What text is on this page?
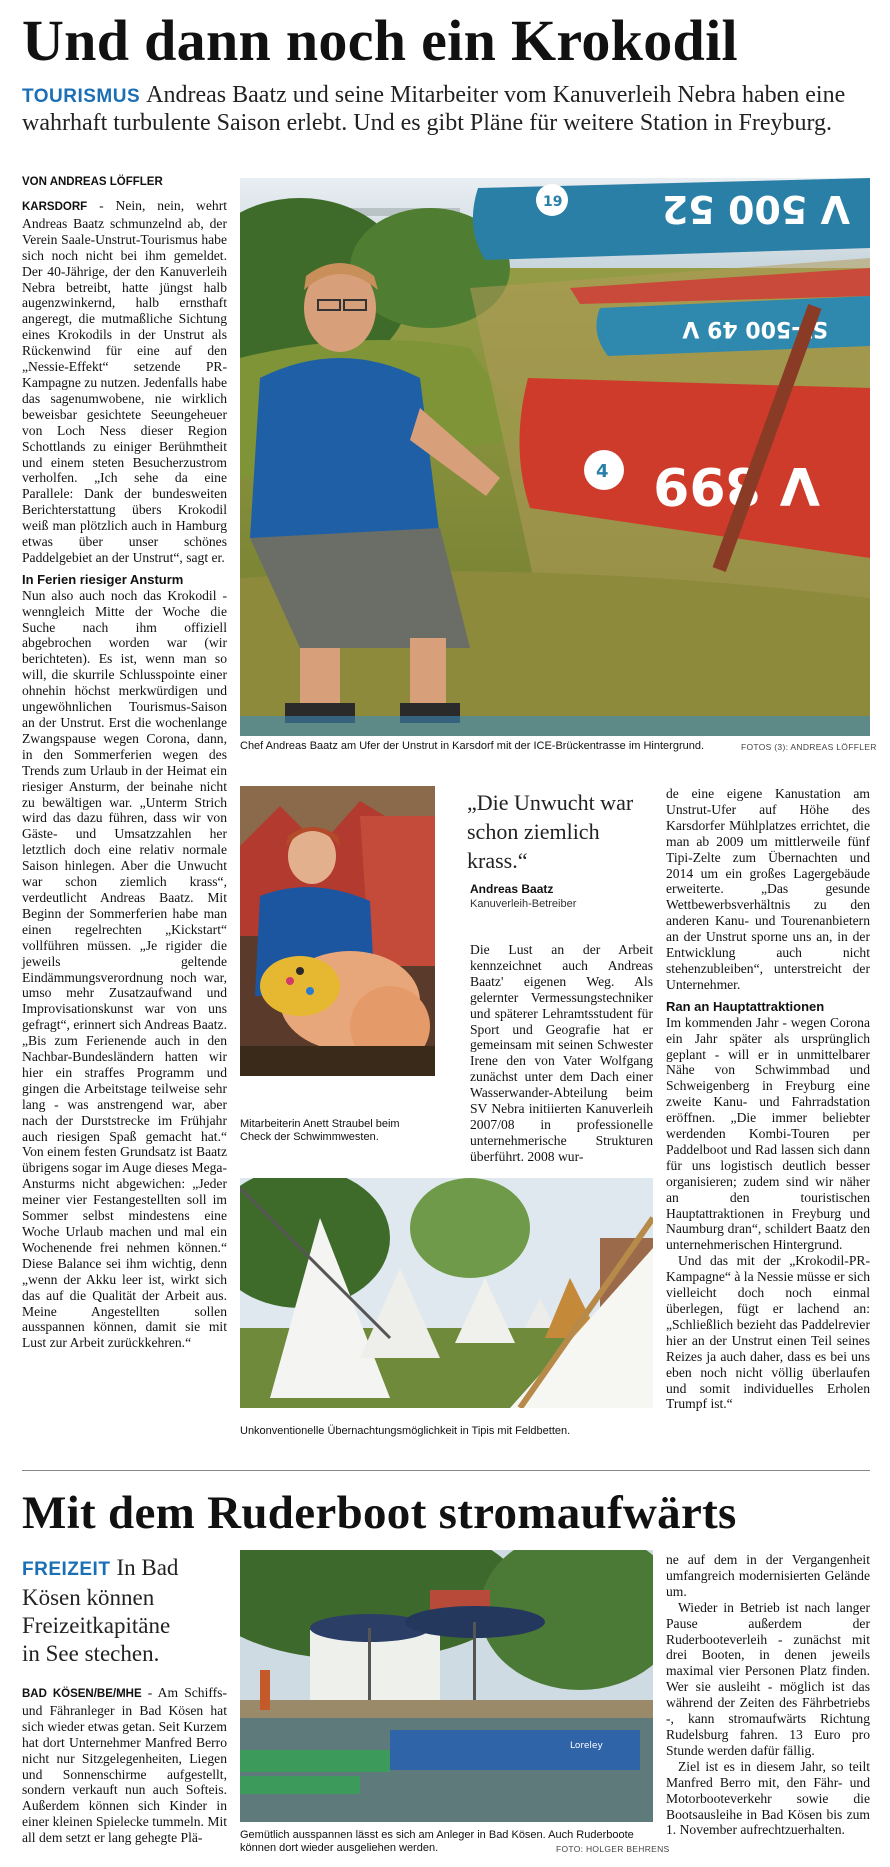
Und dann noch ein Krokodil
TOURISMUS Andreas Baatz und seine Mitarbeiter vom Kanuverleih Nebra haben eine wahrhaft turbulente Saison erlebt. Und es gibt Pläne für weitere Station in Freyburg.
VON ANDREAS LÖFFLER

KARSDORF - Nein, nein, wehrt Andreas Baatz schmunzelnd ab, der Verein Saale-Unstrut-Tourismus habe sich noch nicht bei ihm gemeldet. Der 40-Jährige, der den Kanuverleih Nebra betreibt, hatte jüngst halb augenzwinkernd, halb ernsthaft angeregt, die mutmaßliche Sichtung eines Krokodils in der Unstrut als Rückenwind für eine auf den „Nessie-Effekt“ setzende PR-Kampagne zu nutzen. Jedenfalls habe das sagenumwobene, nie wirklich beweisbar gesichtete Seeungeheuer von Loch Ness dieser Region Schottlands zu einiger Berühmtheit und einem steten Besucherzustrom verholfen. „Ich sehe da eine Parallele: Dank der bundesweiten Berichterstattung übers Krokodil weiß man plötzlich auch in Hamburg etwas über unser schönes Paddelgebiet an der Unstrut“, sagt er.

In Ferien riesiger Ansturm

Nun also auch noch das Krokodil - wenngleich Mitte der Woche die Suche nach ihm offiziell abgebrochen worden war (wir berichteten). Es ist, wenn man so will, die skurrile Schlusspointe einer ohnehin höchst merkwürdigen und ungewöhnlichen Tourismus-Saison an der Unstrut. Erst die wochenlange Zwangspause wegen Corona, dann, in den Sommerferien wegen des Trends zum Urlaub in der Heimat ein riesiger Ansturm, der beinahe nicht zu bewältigen war. „Unterm Strich wird das dazu führen, dass wir von Gäste- und Umsatzzahlen her letztlich doch eine relativ normale Saison hinlegen. Aber die Unwucht war schon ziemlich krass“, verdeutlicht Andreas Baatz. Mit Beginn der Sommerferien habe man einen regelrechten „Kickstart“ vollführen müssen. „Je rigider die jeweils geltende Eindämmungsverordnung noch war, umso mehr Zusatzaufwand und Improvisationskunst war von uns gefragt“, erinnert sich Andreas Baatz. „Bis zum Ferienende auch in den Nachbar-Bundesländern hatten wir hier ein straffes Programm und gingen die Arbeitstage teilweise sehr lang - was anstrengend war, aber nach der Durststrecke im Frühjahr auch riesigen Spaß gemacht hat.“ Von einem festen Grundsatz ist Baatz übrigens sogar im Auge dieses Mega-Ansturms nicht abgewichen: „Jeder meiner vier Festangestellten soll im Sommer selbst mindestens eine Woche Urlaub machen und mal ein Wochenende frei nehmen können.“ Diese Balance sei ihm wichtig, denn „wenn der Akku leer ist, wirkt sich das auf die Qualität der Arbeit aus. Meine Angestellten sollen ausspannen können, damit sie mit Lust zur Arbeit zurückkehren.“

V 500 52
19
ST-500 49 V
V 899
4
Chef Andreas Baatz am Ufer der Unstrut in Karsdorf mit der ICE-Brückentrasse im Hintergrund.	FOTOS (3): ANDREAS LÖFFLER
Mitarbeiterin Anett Straubel beim Check der Schwimmwesten.
„Die Unwucht war schon ziemlich krass.“
Andreas Baatz
Kanuverleih-Betreiber

Die Lust an der Arbeit kennzeichnet auch Andreas Baatz' eigenen Weg. Als gelernter Vermessungstechniker und späterer Lehramtsstudent für Sport und Geografie hat er gemeinsam mit seinen Schwester Irene den von Vater Wolfgang zunächst unter dem Dach einer Wasserwander-Abteilung beim SV Nebra initiierten Kanuverleih 2007/08 in professionelle unternehmerische Strukturen überführt. 2008 wur-

de eine eigene Kanustation am Unstrut-Ufer auf Höhe des Karsdorfer Mühlplatzes errichtet, die man ab 2009 um mittlerweile fünf Tipi-Zelte zum Übernachten und 2014 um ein großes Lagergebäude erweiterte. „Das gesunde Wettbewerbsverhältnis zu den anderen Kanu- und Tourenanbietern an der Unstrut sporne uns an, in der Entwicklung auch nicht stehenzubleiben“, unterstreicht der Unternehmer.

Ran an Hauptattraktionen

Im kommenden Jahr - wegen Corona ein Jahr später als ursprünglich geplant - will er in unmittelbarer Nähe von Schwimmbad und Schweigenberg in Freyburg eine zweite Kanu- und Fahrradstation eröffnen. „Die immer beliebter werdenden Kombi-Touren per Paddelboot und Rad lassen sich dann für uns logistisch deutlich besser organisieren; zudem sind wir näher an den touristischen Hauptattraktionen in Freyburg und Naumburg dran“, schildert Baatz den unternehmerischen Hintergrund.

Und das mit der „Krokodil-PR-Kampagne“ à la Nessie müsse er sich vielleicht doch noch einmal überlegen, fügt er lachend an: „Schließlich bezieht das Paddelrevier hier an der Unstrut einen Teil seines Reizes ja auch daher, dass es bei uns eben noch nicht völlig überlaufen und somit individuelles Erholen Trumpf ist.“

Unkonventionelle Übernachtungsmöglichkeit in Tipis mit Feldbetten.
Mit dem Ruderboot stromaufwärts
FREIZEIT In Bad Kösen können Freizeitkapitäne in See stechen.

BAD KÖSEN/BE/MHE - Am Schiffs- und Fähranleger in Bad Kösen hat sich wieder etwas getan. Seit Kurzem hat dort Unternehmer Manfred Berro nicht nur Sitzgelegenheiten, Liegen und Sonnenschirme aufgestellt, sondern verkauft nun auch Softeis. Außerdem können sich Kinder in einer kleinen Spielecke tummeln. Mit all dem setzt er lang gehegte Plä-

Loreley
Gemütlich ausspannen lässt es sich am Anleger in Bad Kösen. Auch Ruderboote können dort wieder ausgeliehen werden.	FOTO: HOLGER BEHRENS

ne auf dem in der Vergangenheit umfangreich modernisierten Gelände um.

Wieder in Betrieb ist nach langer Pause außerdem der Ruderbooteverleih - zunächst mit drei Booten, in denen jeweils maximal vier Personen Platz finden. Wer sie ausleiht - möglich ist das während der Zeiten des Fährbetriebs -, kann stromaufwärts Richtung Rudelsburg fahren. 13 Euro pro Stunde werden dafür fällig.

Ziel ist es in diesem Jahr, so teilt Manfred Berro mit, den Fähr- und Motorbooteverkehr sowie die Bootsausleihe in Bad Kösen bis zum 1. November aufrechtzuerhalten.
